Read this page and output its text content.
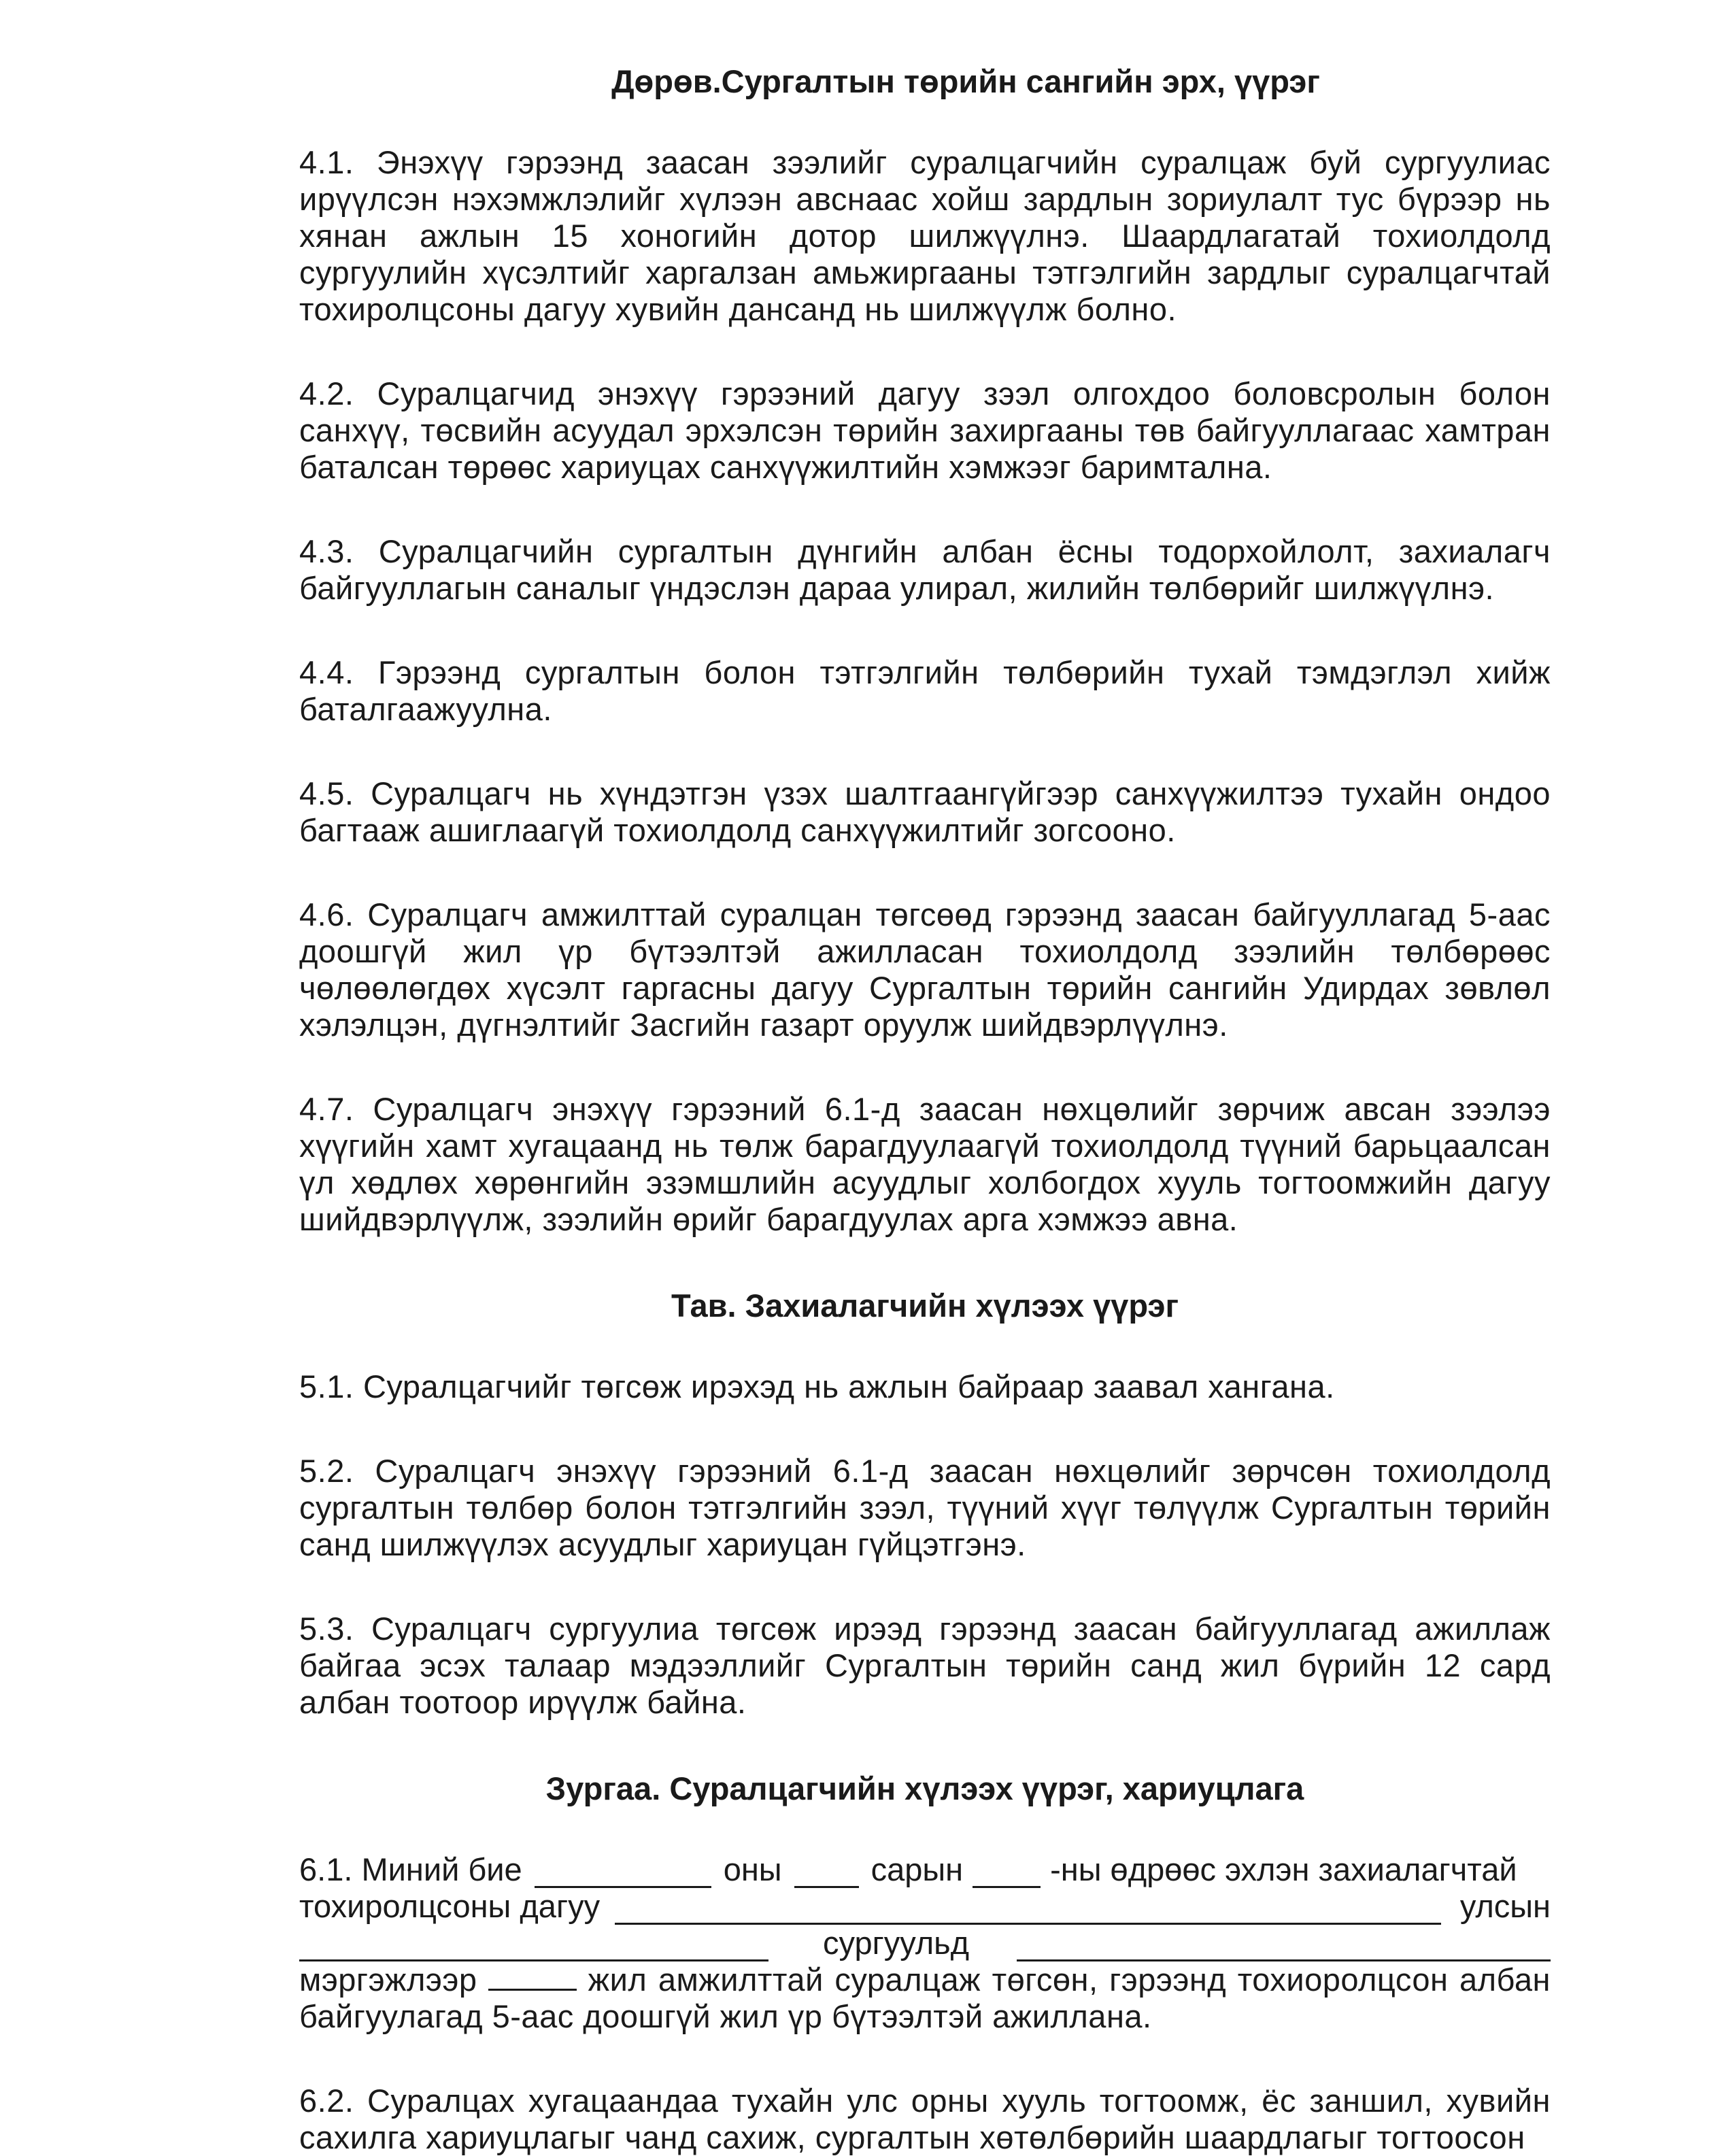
Дөрөв.Сургалтын төрийн сангийн эрх, үүрэг

4.1. Энэхүү гэрээнд заасан зээлийг суралцагчийн суралцаж буй сургуулиас ирүүлсэн нэхэмжлэлийг хүлээн авснаас хойш зардлын зориулалт тус бүрээр нь хянан ажлын 15 хоногийн дотор шилжүүлнэ. Шаардлагатай тохиолдолд сургуулийн хүсэлтийг харгалзан амьжиргааны тэтгэлгийн зардлыг суралцагчтай тохиролцсоны дагуу хувийн дансанд нь шилжүүлж болно.

4.2. Суралцагчид энэхүү гэрээний дагуу зээл олгохдоо боловсролын болон санхүү, төсвийн асуудал эрхэлсэн төрийн захиргааны төв байгууллагаас хамтран баталсан төрөөс хариуцах санхүүжилтийн хэмжээг баримтална.

4.3. Суралцагчийн сургалтын дүнгийн албан ёсны тодорхойлолт, захиалагч байгууллагын саналыг үндэслэн дараа улирал, жилийн төлбөрийг шилжүүлнэ.

4.4. Гэрээнд сургалтын болон тэтгэлгийн төлбөрийн тухай тэмдэглэл хийж баталгаажуулна.

4.5. Суралцагч нь хүндэтгэн үзэх шалтгаангүйгээр санхүүжилтээ тухайн ондоо багтааж ашиглаагүй тохиолдолд санхүүжилтийг зогсооно.

4.6. Суралцагч амжилттай суралцан төгсөөд гэрээнд заасан байгууллагад 5-аас доошгүй жил үр бүтээлтэй ажилласан тохиолдолд зээлийн төлбөрөөс чөлөөлөгдөх хүсэлт гаргасны дагуу Сургалтын төрийн сангийн Удирдах зөвлөл хэлэлцэн, дүгнэлтийг Засгийн газарт оруулж шийдвэрлүүлнэ.

4.7. Суралцагч энэхүү гэрээний 6.1-д заасан нөхцөлийг зөрчиж авсан зээлээ хүүгийн хамт хугацаанд нь төлж барагдуулаагүй тохиолдолд түүний барьцаалсан үл хөдлөх хөрөнгийн эзэмшлийн асуудлыг холбогдох хууль тогтоомжийн дагуу шийдвэрлүүлж, зээлийн өрийг барагдуулах арга хэмжээ авна.

Тав. Захиалагчийн хүлээх үүрэг

5.1. Суралцагчийг төгсөж ирэхэд нь ажлын байраар заавал хангана.

5.2. Суралцагч энэхүү гэрээний 6.1-д заасан нөхцөлийг зөрчсөн тохиолдолд сургалтын төлбөр болон тэтгэлгийн зээл, түүний хүүг төлүүлж Сургалтын төрийн санд шилжүүлэх асуудлыг хариуцан гүйцэтгэнэ.

5.3. Суралцагч сургуулиа төгсөж ирээд гэрээнд заасан байгууллагад ажиллаж байгаа эсэх талаар мэдээллийг Сургалтын төрийн санд жил бүрийн 12 сард албан тоотоор ирүүлж байна.

Зургаа. Суралцагчийн хүлээх үүрэг, хариуцлага
6.1. Миний бие	оны	сарын	-ны өдрөөс эхлэн захиалагчтай
тохиролцсоны дагуу	улсын
сургуульд
мэргэжлээр	жил амжилттай суралцаж төгсөн, гэрээнд тохиоролцсон албан байгуулагад 5-аас доошгүй жил үр бүтээлтэй ажиллана.

6.2. Суралцах хугацаандаа тухайн улс орны хууль тогтоомж, ёс заншил, хувийн сахилга хариуцлагыг чанд сахиж, сургалтын хөтөлбөрийн шаардлагыг тогтоосон
